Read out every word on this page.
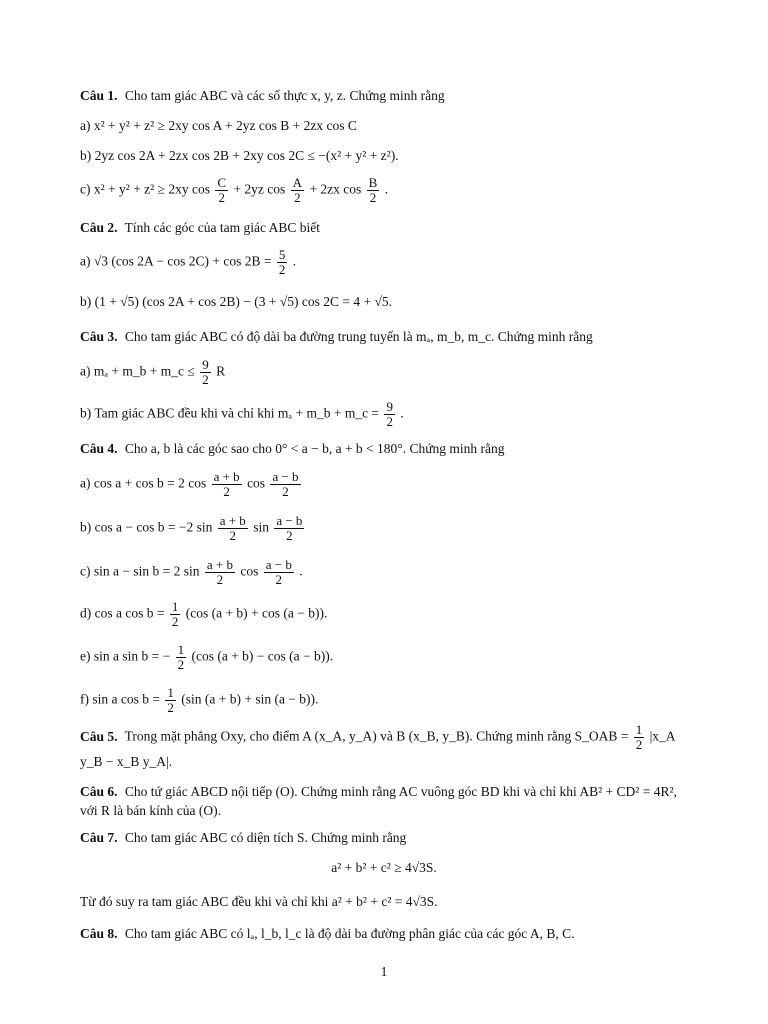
Câu 1. Cho tam giác ABC và các số thực x, y, z. Chứng minh rằng
a) x² + y² + z² ≥ 2xy cos A + 2yz cos B + 2zx cos C
b) 2yz cos 2A + 2zx cos 2B + 2xy cos 2C ≤ −(x² + y² + z²).
c) x² + y² + z² ≥ 2xy $\cos \frac{C}{2} + 2yz$ $\cos \frac{A}{2} + 2zx$ $\cos \frac{B}{2}$ .
Câu 2. Tính các góc của tam giác ABC biết
a) √3 (cos $2A - \cos 2C) + \cos 2B = \frac{5}{2}$ .
b) (1 + √5) (cos 2A + cos 2B) − (3 + √5) cos 2C = 4 + √5.
Câu 3. Cho tam giác ABC có độ dài ba đường trung tuyến là mₐ, m_b, m_c. Chứng minh rằng
a) mₐ + m_b + m_c ≤ $\frac{9}{2}$ R
b) Tam giác ABC đều khi và chỉ khi mₐ + m_b + m_c = $\frac{9}{2}$ .
Câu 4. Cho a, b là các góc sao cho 0° < a − b, a + b < 180°. Chứng minh rằng
a) cos a + cos b = 2 $\cos \frac{a + b}{2}$ $\cos \frac{a - b}{2}$
b) cos a − cos b = −2 $\sin \frac{a + b}{2}$ $\sin \frac{a - b}{2}$
c) sin a − sin b = 2 $\sin \frac{a + b}{2}$ $\cos \frac{a - b}{2}$ .
d) cos a $\cos b = \frac{1}{2} (\cos$ (a + b) + cos (a − b)).
e) sin a sin b = − $\frac{1}{2} (\cos$ (a + b) − cos (a − b)).
f) sin a $\cos b = \frac{1}{2} (\sin$ (a + b) + sin (a − b)).
Câu 5. Trong mặt phẳng Oxy, cho điểm A (x_A, y_A) và B (x_B, y_B). Chứng minh rằng S_OAB = $\frac{1}{2}$ |x_A y_B − x_B y_A|.
Câu 6. Cho tứ giác ABCD nội tiếp (O). Chứng minh rằng AC vuông góc BD khi và chỉ khi AB² + CD² = 4R², với R là bán kính của (O).
Câu 7. Cho tam giác ABC có diện tích S. Chứng minh rằng
a² + b² + c² ≥ 4√3S.
Từ đó suy ra tam giác ABC đều khi và chỉ khi a² + b² + c² = 4√3S.
Câu 8. Cho tam giác ABC có lₐ, l_b, l_c là độ dài ba đường phân giác của các góc A, B, C.
1
